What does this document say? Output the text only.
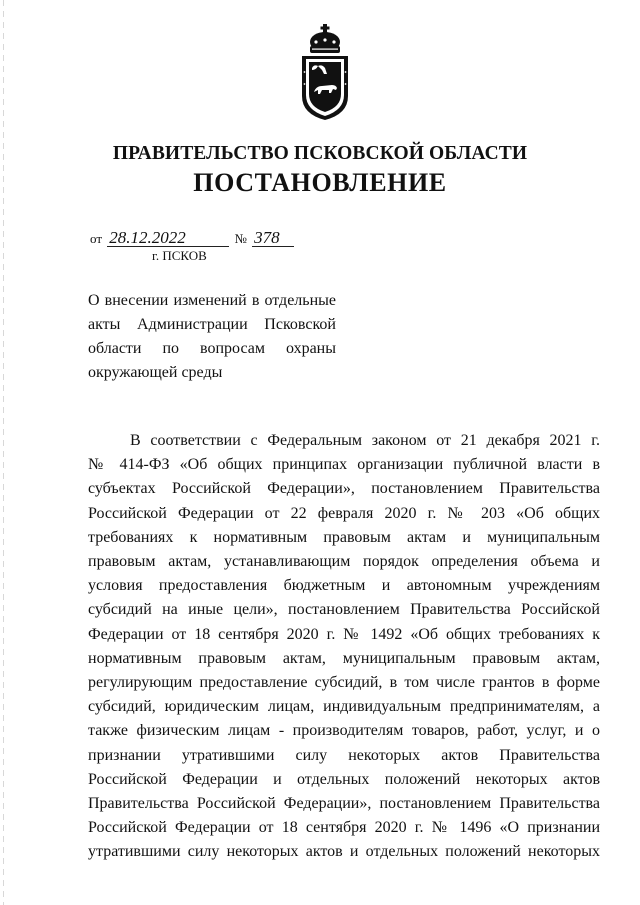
ПРАВИТЕЛЬСТВО ПСКОВСКОЙ ОБЛАСТИ
ПОСТАНОВЛЕНИЕ
от 28.12.2022	№ 378
г. ПСКОВ
О внесении изменений в отдельные
акты Администрации Псковской
области по вопросам охраны
окружающей среды
В соответствии с Федеральным законом от 21 декабря 2021 г.
№ 414-ФЗ «Об общих принципах организации публичной власти в
субъектах Российской Федерации», постановлением Правительства
Российской Федерации от 22 февраля 2020 г. № 203 «Об общих
требованиях к нормативным правовым актам и муниципальным
правовым актам, устанавливающим порядок определения объема и
условия предоставления бюджетным и автономным учреждениям
субсидий на иные цели», постановлением Правительства Российской
Федерации от 18 сентября 2020 г. № 1492 «Об общих требованиях к
нормативным правовым актам, муниципальным правовым актам,
регулирующим предоставление субсидий, в том числе грантов в форме
субсидий, юридическим лицам, индивидуальным предпринимателям, а
также физическим лицам - производителям товаров, работ, услуг, и о
признании утратившими силу некоторых актов Правительства
Российской Федерации и отдельных положений некоторых актов
Правительства Российской Федерации», постановлением Правительства
Российской Федерации от 18 сентября 2020 г. № 1496 «О признании
утратившими силу некоторых актов и отдельных положений некоторых
